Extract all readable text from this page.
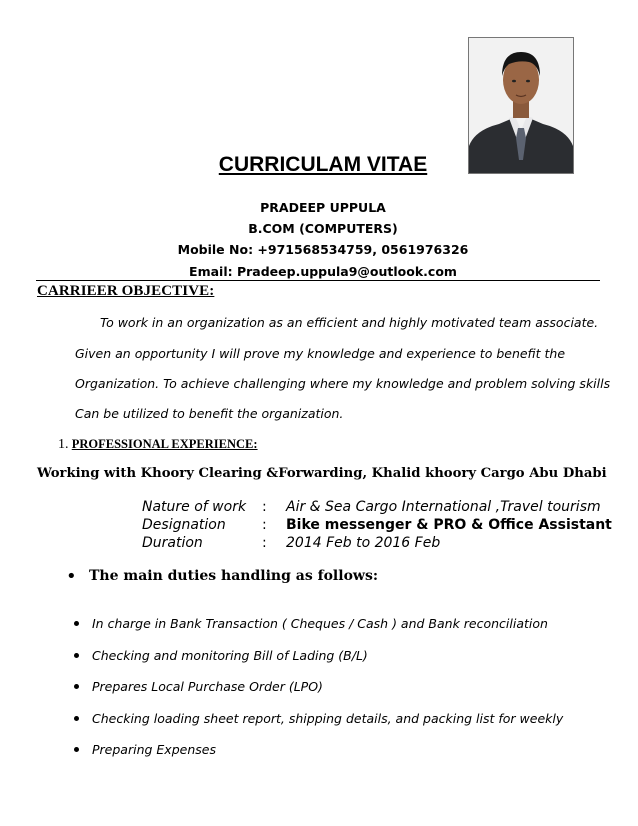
CURRICULAM VITAE
PRADEEP UPPULA
B.COM (COMPUTERS)
Mobile No: +971568534759, 0561976326
Email: Pradeep.uppula9@outlook.com
CARRIEER OBJECTIVE:
To work in an organization as an efficient and highly motivated team associate.
Given an opportunity I will prove my knowledge and experience to benefit the
Organization. To achieve challenging where my knowledge and problem solving skills
Can be utilized to benefit the organization.
1. PROFESSIONAL EXPERIENCE:
Working with Khoory Clearing &Forwarding, Khalid khoory Cargo Abu Dhabi
Nature of work : Air & Sea Cargo International ,Travel tourism
Designation	: Bike messenger & PRO & Office Assistant
Duration	: 2014 Feb to 2016 Feb
• The main duties handling as follows:
In charge in Bank Transaction ( Cheques / Cash ) and Bank reconciliation
Checking and monitoring Bill of Lading (B/L)
Prepares Local Purchase Order (LPO)
Checking loading sheet report, shipping details, and packing list for weekly
Preparing Expenses
